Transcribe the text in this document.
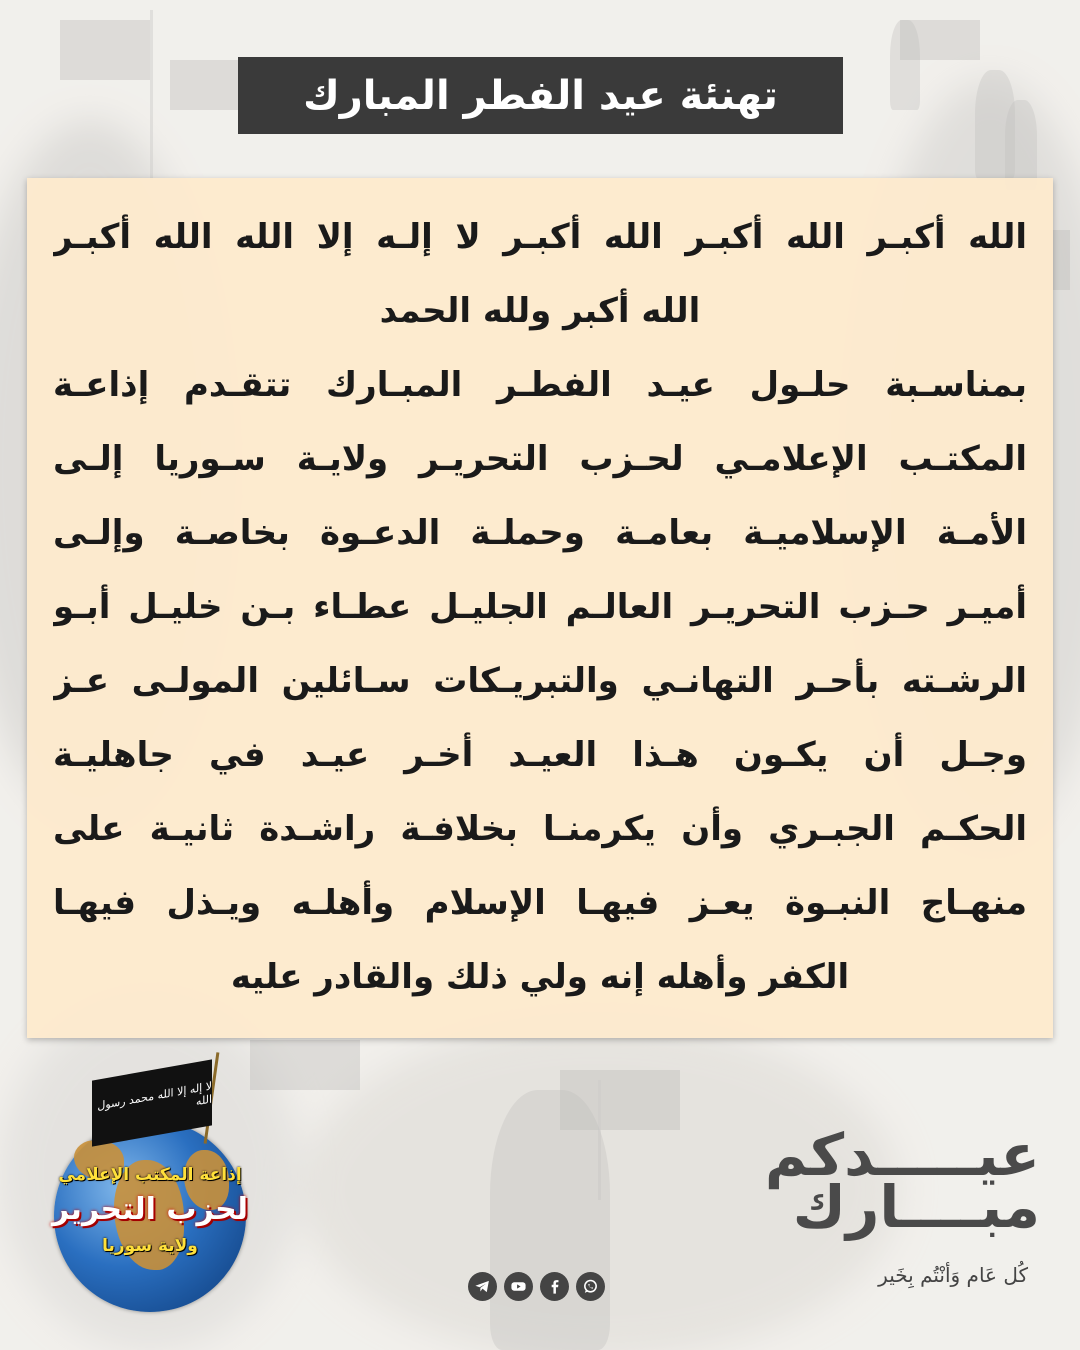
تهنئة عيد الفطر المبارك
الله أكبـر الله أكبـر الله أكبـر لا إلـه إلا الله الله أكبـر
الله أكبر ولله الحمد
بمناسـبة حلـول عيـد الفطـر المبـارك تتقـدم إذاعـة
المكتـب الإعلامـي لحـزب التحريـر ولايـة سـوريا إلـى
الأمـة الإسلاميـة بعامـة وحملـة الدعـوة بخاصـة وإلـى
أميـر حـزب التحريـر العالـم الجليـل عطـاء بـن خليـل أبـو
الرشـته بأحـر التهانـي والتبريـكات سـائلين المولـى عـز
وجـل أن يكـون هـذا العيـد أخـر عيـد في جاهليـة
الحكـم الجبـري وأن يكرمنـا بخلافـة راشـدة ثانيـة على
منهـاج النبـوة يعـز فيهـا الإسلام وأهلـه ويـذل فيهـا
الكفر وأهله إنه ولي ذلك والقادر عليه
لا إله إلا الله محمد رسول الله
إذاعة المكتب الإعلامي
لحزب التحرير
ولاية سوريا
عيـــــدكم
مبــــارك
كُل عَام وَأنْتُم بِخَير
